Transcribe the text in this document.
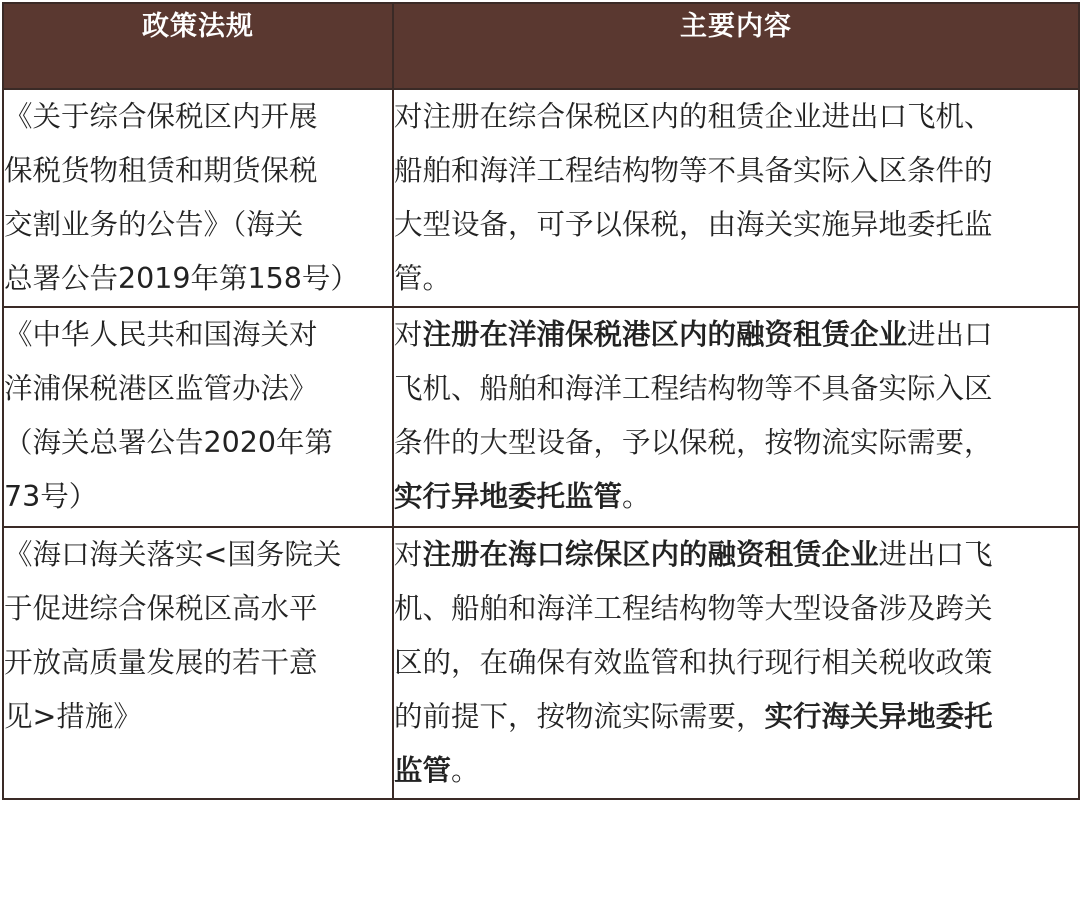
政策法规	主要内容

《关于综合保税区内开展
保税货物租赁和期货保税
交割业务的公告》（海关
总署公告2019年第158号）	对注册在综合保税区内的租赁企业进出口飞机、
船舶和海洋工程结构物等不具备实际入区条件的
大型设备，可予以保税，由海关实施异地委托监
管。

《中华人民共和国海关对
洋浦保税港区监管办法》
（海关总署公告2020年第
73号）	对注册在洋浦保税港区内的融资租赁企业进出口
飞机、船舶和海洋工程结构物等不具备实际入区
条件的大型设备，予以保税，按物流实际需要，
实行异地委托监管。

《海口海关落实<国务院关
于促进综合保税区高水平
开放高质量发展的若干意
见>措施》	对注册在海口综保区内的融资租赁企业进出口飞
机、船舶和海洋工程结构物等大型设备涉及跨关
区的，在确保有效监管和执行现行相关税收政策
的前提下，按物流实际需要，实行海关异地委托
监管。
